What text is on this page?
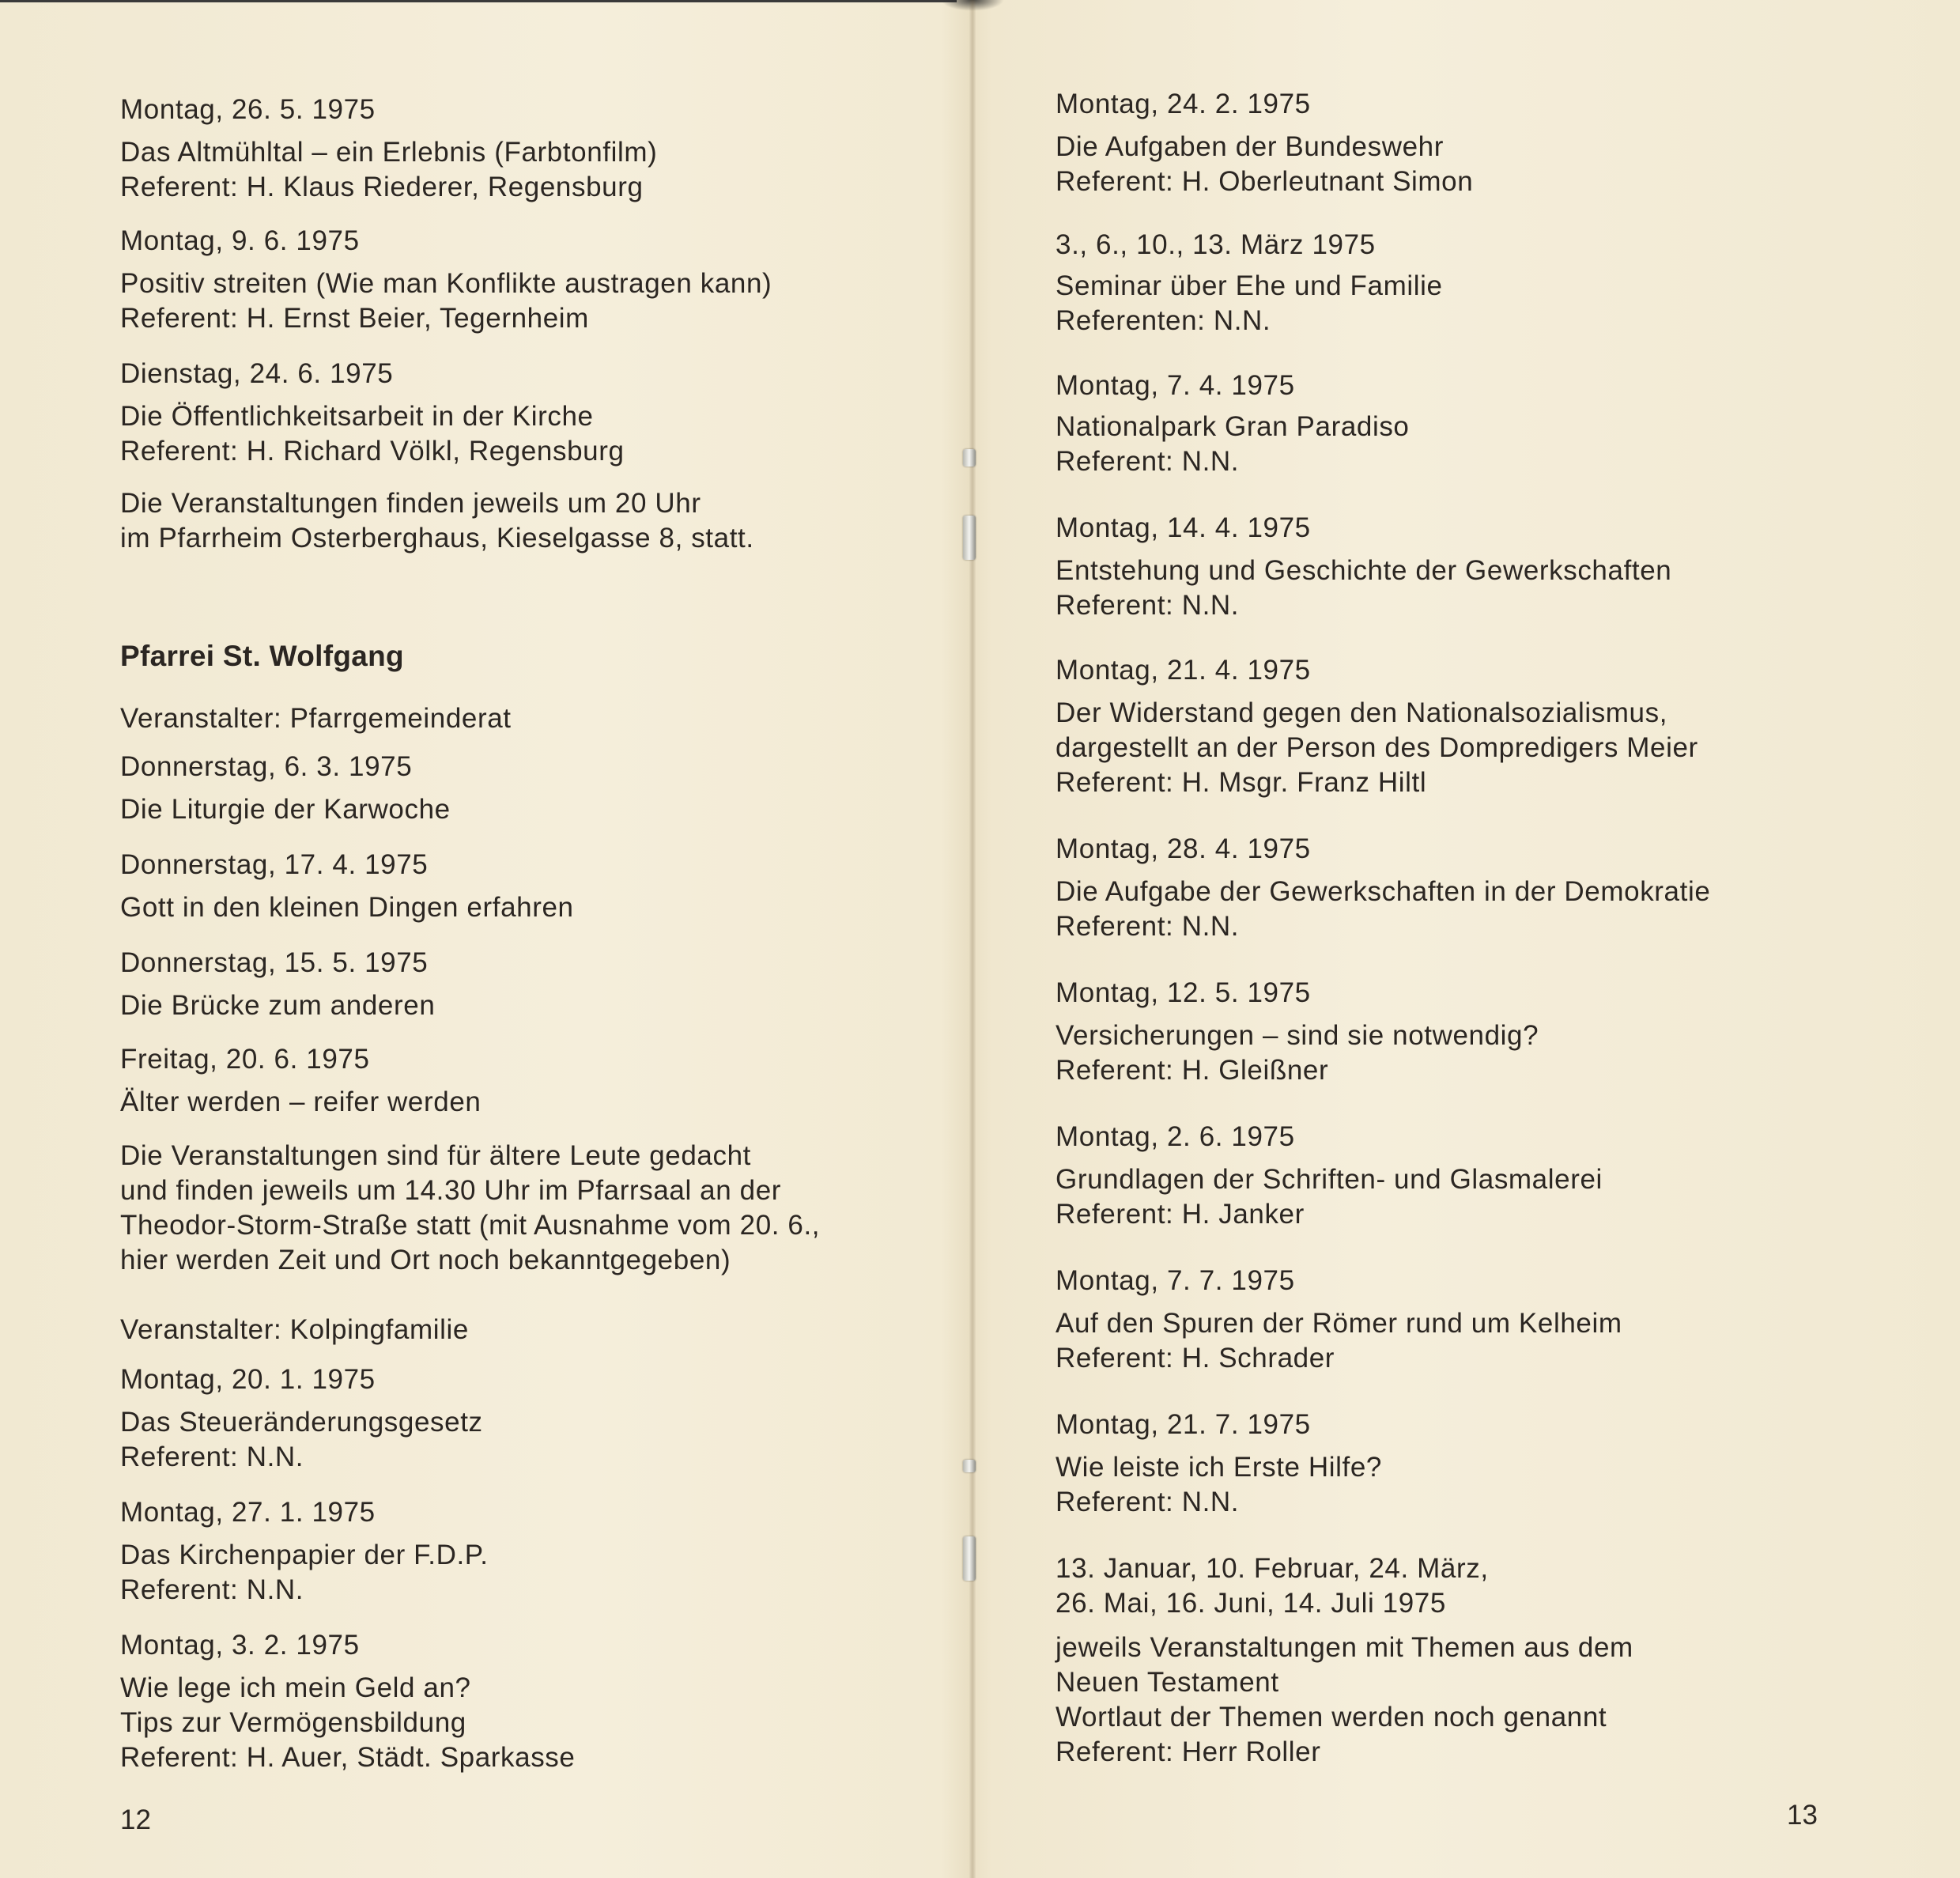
Montag, 26. 5. 1975
Das Altmühltal – ein Erlebnis (Farbtonfilm)
Referent: H. Klaus Riederer, Regensburg
Montag, 9. 6. 1975
Positiv streiten (Wie man Konflikte austragen kann)
Referent: H. Ernst Beier, Tegernheim
Dienstag, 24. 6. 1975
Die Öffentlichkeitsarbeit in der Kirche
Referent: H. Richard Völkl, Regensburg
Die Veranstaltungen finden jeweils um 20 Uhr
im Pfarrheim Osterberghaus, Kieselgasse 8, statt.
Pfarrei St. Wolfgang
Veranstalter: Pfarrgemeinderat
Donnerstag, 6. 3. 1975
Die Liturgie der Karwoche
Donnerstag, 17. 4. 1975
Gott in den kleinen Dingen erfahren
Donnerstag, 15. 5. 1975
Die Brücke zum anderen
Freitag, 20. 6. 1975
Älter werden – reifer werden
Die Veranstaltungen sind für ältere Leute gedacht
und finden jeweils um 14.30 Uhr im Pfarrsaal an der
Theodor-Storm-Straße statt (mit Ausnahme vom 20. 6.,
hier werden Zeit und Ort noch bekanntgegeben)
Veranstalter: Kolpingfamilie
Montag, 20. 1. 1975
Das Steueränderungsgesetz
Referent: N.N.
Montag, 27. 1. 1975
Das Kirchenpapier der F.D.P.
Referent: N.N.
Montag, 3. 2. 1975
Wie lege ich mein Geld an?
Tips zur Vermögensbildung
Referent: H. Auer, Städt. Sparkasse
12
Montag, 24. 2. 1975
Die Aufgaben der Bundeswehr
Referent: H. Oberleutnant Simon
3., 6., 10., 13. März 1975
Seminar über Ehe und Familie
Referenten: N.N.
Montag, 7. 4. 1975
Nationalpark Gran Paradiso
Referent: N.N.
Montag, 14. 4. 1975
Entstehung und Geschichte der Gewerkschaften
Referent: N.N.
Montag, 21. 4. 1975
Der Widerstand gegen den Nationalsozialismus,
dargestellt an der Person des Dompredigers Meier
Referent: H. Msgr. Franz Hiltl
Montag, 28. 4. 1975
Die Aufgabe der Gewerkschaften in der Demokratie
Referent: N.N.
Montag, 12. 5. 1975
Versicherungen – sind sie notwendig?
Referent: H. Gleißner
Montag, 2. 6. 1975
Grundlagen der Schriften- und Glasmalerei
Referent: H. Janker
Montag, 7. 7. 1975
Auf den Spuren der Römer rund um Kelheim
Referent: H. Schrader
Montag, 21. 7. 1975
Wie leiste ich Erste Hilfe?
Referent: N.N.
13. Januar, 10. Februar, 24. März,
26. Mai, 16. Juni, 14. Juli 1975
jeweils Veranstaltungen mit Themen aus dem
Neuen Testament
Wortlaut der Themen werden noch genannt
Referent: Herr Roller
13
